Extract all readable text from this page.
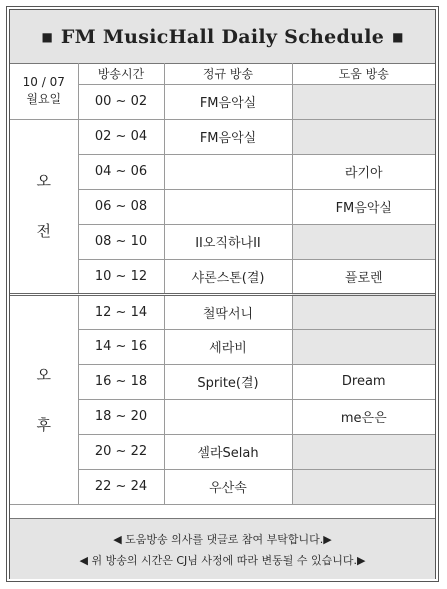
■ FM MusicHall Daily Schedule ■
10 / 07
월요일	방송시간	정규 방송	도움 방송
	00 ~ 02	FM음악실	

오
전	02 ~ 04	FM음악실	
	04 ~ 06		라기아
	06 ~ 08		FM음악실
	08 ~ 10	II오직하나II	
	10 ~ 12	샤론스톤(결)	플로렌

오
후	12 ~ 14	철딱서니	
	14 ~ 16	세라비	
	16 ~ 18	Sprite(결)	Dream
	18 ~ 20		me은은
	20 ~ 22	셀라Selah	
	22 ~ 24	우산속	
◀ 도움방송 의사를 댓글로 참여 부탁합니다.▶
◀ 위 방송의 시간은 CJ님 사정에 따라 변동될 수 있습니다.▶
